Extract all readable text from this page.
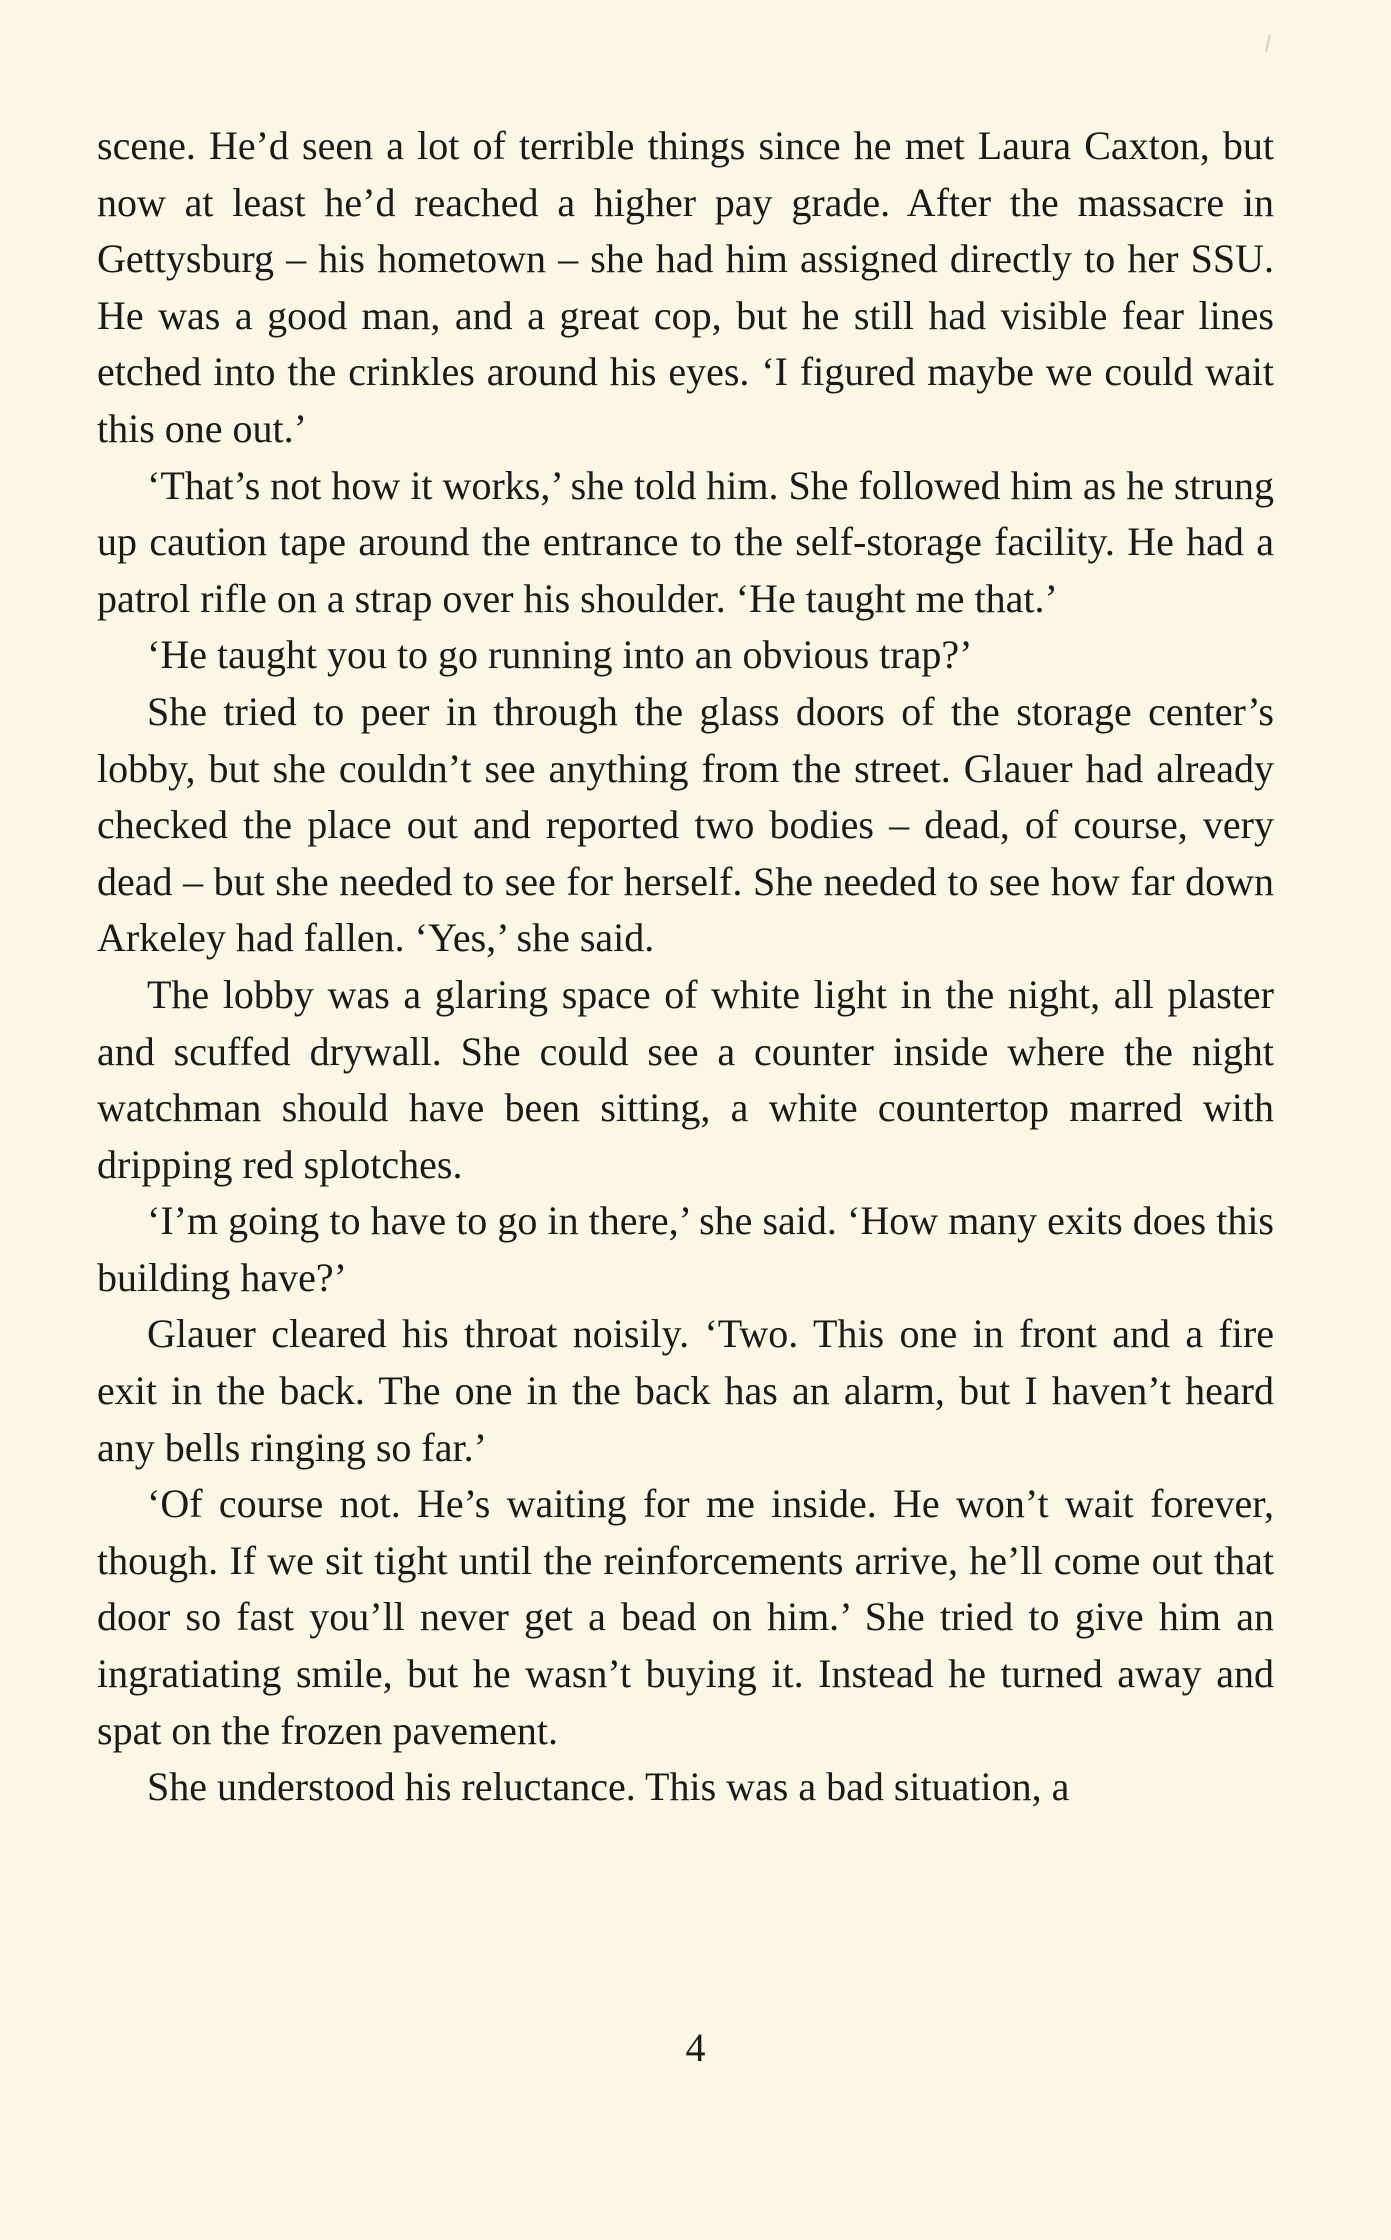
scene. He’d seen a lot of terrible things since he met Laura Caxton, but now at least he’d reached a higher pay grade. After the massacre in Gettysburg – his hometown – she had him assigned directly to her SSU. He was a good man, and a great cop, but he still had visible fear lines etched into the crinkles around his eyes. ‘I figured maybe we could wait this one out.’

‘That’s not how it works,’ she told him. She followed him as he strung up caution tape around the entrance to the self-storage facility. He had a patrol rifle on a strap over his shoulder. ‘He taught me that.’

‘He taught you to go running into an obvious trap?’

She tried to peer in through the glass doors of the storage center’s lobby, but she couldn’t see anything from the street. Glauer had already checked the place out and reported two bodies – dead, of course, very dead – but she needed to see for herself. She needed to see how far down Arkeley had fallen. ‘Yes,’ she said.

The lobby was a glaring space of white light in the night, all plaster and scuffed drywall. She could see a counter inside where the night watchman should have been sitting, a white countertop marred with dripping red splotches.

‘I’m going to have to go in there,’ she said. ‘How many exits does this building have?’

Glauer cleared his throat noisily. ‘Two. This one in front and a fire exit in the back. The one in the back has an alarm, but I haven’t heard any bells ringing so far.’

‘Of course not. He’s waiting for me inside. He won’t wait forever, though. If we sit tight until the reinforcements arrive, he’ll come out that door so fast you’ll never get a bead on him.’ She tried to give him an ingratiating smile, but he wasn’t buying it. Instead he turned away and spat on the frozen pavement.

She understood his reluctance. This was a bad situation, a

4
